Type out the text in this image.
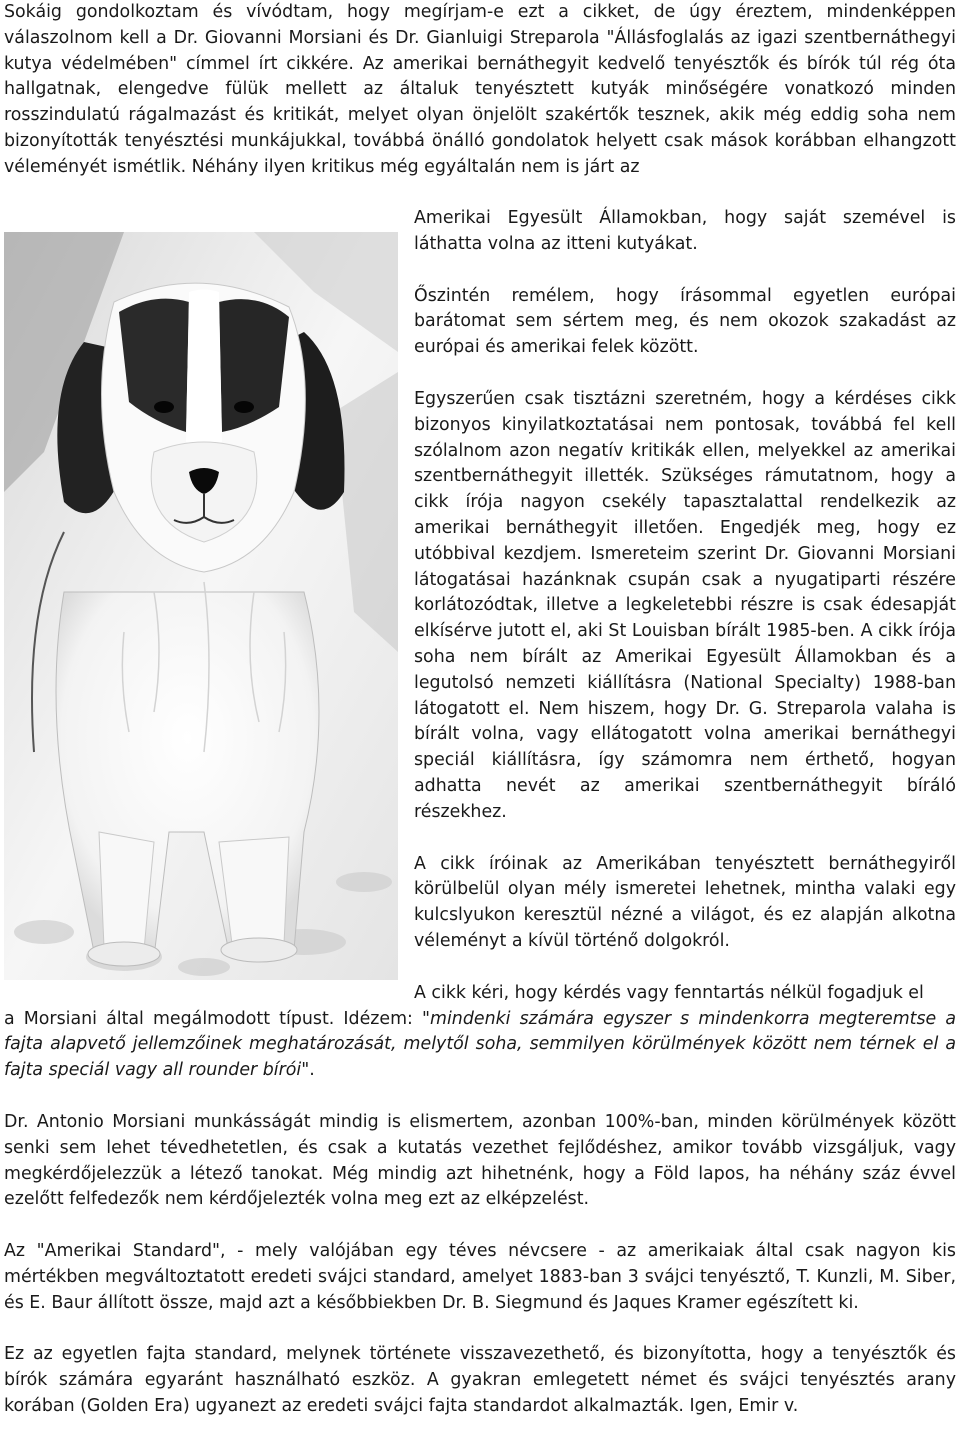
Sokáig gondolkoztam és vívódtam, hogy megírjam-e ezt a cikket, de úgy éreztem, mindenképpen válaszolnom kell a Dr. Giovanni Morsiani és Dr. Gianluigi Streparola "Állásfoglalás az igazi szentbernáthegyi kutya védelmében" címmel írt cikkére. Az amerikai bernáthegyit kedvelő tenyésztők és bírók túl rég óta hallgatnak, elengedve fülük mellett az általuk tenyésztett kutyák minőségére vonatkozó minden rosszindulatú rágalmazást és kritikát, melyet olyan önjelölt szakértők tesznek, akik még eddig soha nem bizonyították tenyésztési munkájukkal, továbbá önálló gondolatok helyett csak mások korábban elhangzott véleményét ismétlik. Néhány ilyen kritikus még egyáltalán nem is járt az

Amerikai Egyesült Államokban, hogy saját szemével is láthatta volna az itteni kutyákat.

Őszintén remélem, hogy írásommal egyetlen európai barátomat sem sértem meg, és nem okozok szakadást az európai és amerikai felek között.

Egyszerűen csak tisztázni szeretném, hogy a kérdéses cikk bizonyos kinyilatkoztatásai nem pontosak, továbbá fel kell szólalnom azon negatív kritikák ellen, melyekkel az amerikai szentbernáthegyit illették. Szükséges rámutatnom, hogy a cikk írója nagyon csekély tapasztalattal rendelkezik az amerikai bernáthegyit illetően. Engedjék meg, hogy ez utóbbival kezdjem. Ismereteim szerint Dr. Giovanni Morsiani látogatásai hazánknak csupán csak a nyugatiparti részére korlátozódtak, illetve a legkeletebbi részre is csak édesapját elkísérve jutott el, aki St Louisban bírált 1985-ben. A cikk írója soha nem bírált az Amerikai Egyesült Államokban és a legutolsó nemzeti kiállításra (National Specialty) 1988-ban látogatott el. Nem hiszem, hogy Dr. G. Streparola valaha is bírált volna, vagy ellátogatott volna amerikai bernáthegyi speciál kiállításra, így számomra nem érthető, hogyan adhatta nevét az amerikai szentbernáthegyit bíráló részekhez.

A cikk íróinak az Amerikában tenyésztett bernáthegyiről körülbelül olyan mély ismeretei lehetnek, mintha valaki egy kulcslyukon keresztül nézné a világot, és ez alapján alkotna véleményt a kívül történő dolgokról.

A cikk kéri, hogy kérdés vagy fenntartás nélkül fogadjuk el
a Morsiani által megálmodott típust. Idézem: "mindenki számára egyszer s mindenkorra megteremtse a fajta alapvető jellemzőinek meghatározását, melytől soha, semmilyen körülmények között nem térnek el a fajta speciál vagy all rounder bírói".

Dr. Antonio Morsiani munkásságát mindig is elismertem, azonban 100%-ban, minden körülmények között senki sem lehet tévedhetetlen, és csak a kutatás vezethet fejlődéshez, amikor tovább vizsgáljuk, vagy megkérdőjelezzük a létező tanokat. Még mindig azt hihetnénk, hogy a Föld lapos, ha néhány száz évvel ezelőtt felfedezők nem kérdőjelezték volna meg ezt az elképzelést.

Az "Amerikai Standard", - mely valójában egy téves névcsere - az amerikaiak által csak nagyon kis mértékben megváltoztatott eredeti svájci standard, amelyet 1883-ban 3 svájci tenyésztő, T. Kunzli, M. Siber, és E. Baur állított össze, majd azt a későbbiekben Dr. B. Siegmund és Jaques Kramer egészített ki.

Ez az egyetlen fajta standard, melynek története visszavezethető, és bizonyította, hogy a tenyésztők és bírók számára egyaránt használható eszköz. A gyakran emlegetett német és svájci tenyésztés arany korában (Golden Era) ugyanezt az eredeti svájci fajta standardot alkalmazták. Igen, Emir v.
